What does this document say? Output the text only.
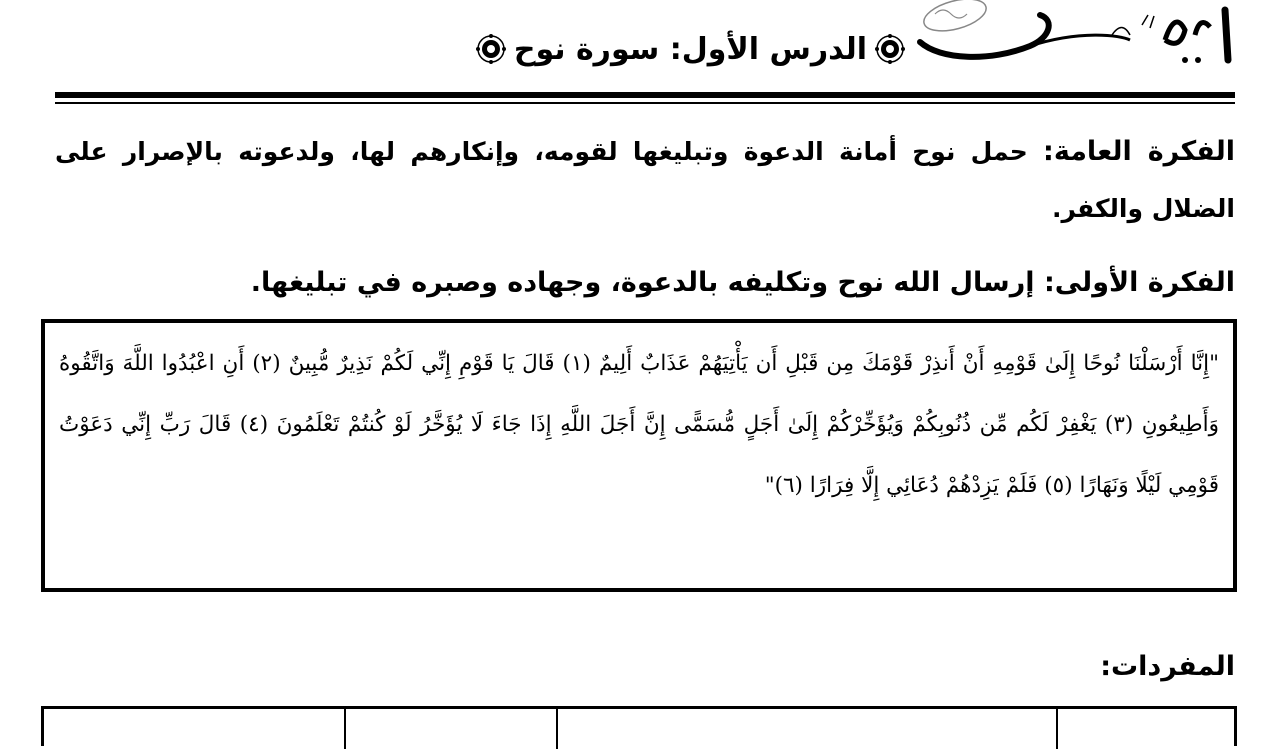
الدرس الأول: سورة نوح
الفكرة العامة: حمل نوح أمانة الدعوة وتبليغها لقومه، وإنكارهم لها، ولدعوته بالإصرار على الضلال والكفر.
الفكرة الأولى: إرسال الله نوح وتكليفه بالدعوة، وجهاده وصبره في تبليغها.
"إِنَّا أَرْسَلْنَا نُوحًا إِلَىٰ قَوْمِهِ أَنْ أَنذِرْ قَوْمَكَ مِن قَبْلِ أَن يَأْتِيَهُمْ عَذَابٌ أَلِيمٌ (١) قَالَ يَا قَوْمِ إِنِّي لَكُمْ نَذِيرٌ مُّبِينٌ (٢) أَنِ اعْبُدُوا اللَّهَ وَاتَّقُوهُ وَأَطِيعُونِ (٣) يَغْفِرْ لَكُم مِّن ذُنُوبِكُمْ وَيُؤَخِّرْكُمْ إِلَىٰ أَجَلٍ مُّسَمًّى إِنَّ أَجَلَ اللَّهِ إِذَا جَاءَ لَا يُؤَخَّرُ لَوْ كُنتُمْ تَعْلَمُونَ (٤) قَالَ رَبِّ إِنِّي دَعَوْتُ قَوْمِي لَيْلًا وَنَهَارًا (٥) فَلَمْ يَزِدْهُمْ دُعَائِي إِلَّا فِرَارًا (٦)"
المفردات:
